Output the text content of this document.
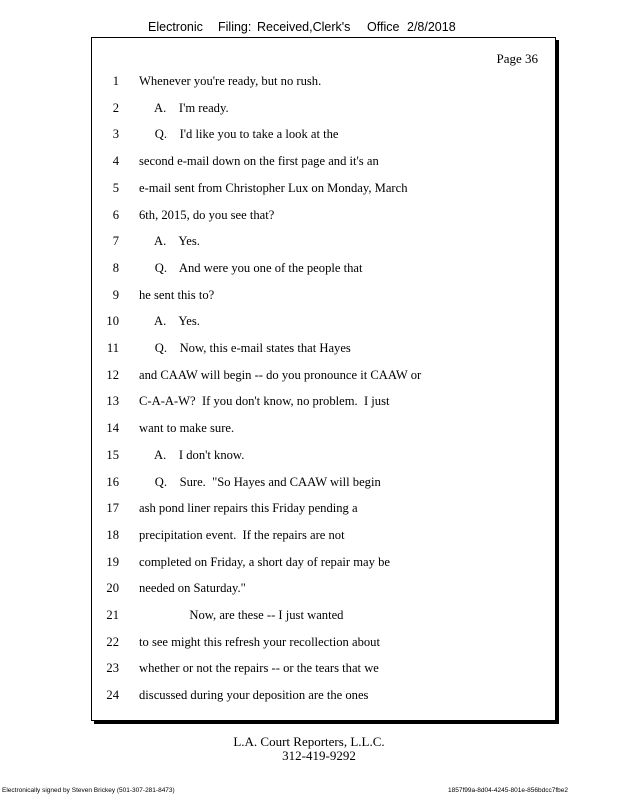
Electronic Filing: Received,Clerk's Office 2/8/2018
Page 36
1 Whenever you're ready, but no rush.
2 A.    I'm ready.
3 Q.    I'd like you to take a look at the
4 second e-mail down on the first page and it's an
5 e-mail sent from Christopher Lux on Monday, March
6 6th, 2015, do you see that?
7 A.    Yes.
8 Q.    And were you one of the people that
9 he sent this to?
10 A.    Yes.
11 Q.    Now, this e-mail states that Hayes
12 and CAAW will begin -- do you pronounce it CAAW or
13 C-A-A-W?  If you don't know, no problem.  I just
14 want to make sure.
15 A.    I don't know.
16 Q.    Sure.  "So Hayes and CAAW will begin
17 ash pond liner repairs this Friday pending a
18 precipitation event.  If the repairs are not
19 completed on Friday, a short day of repair may be
20 needed on Saturday."
21 Now, are these -- I just wanted
22 to see might this refresh your recollection about
23 whether or not the repairs -- or the tears that we
24 discussed during your deposition are the ones
L.A. Court Reporters, L.L.C.
312-419-9292
Electronically signed by Steven Brickey (501-307-281-8473)	1857f99a-8d04-4245-801e-856bdcc7fbe2
